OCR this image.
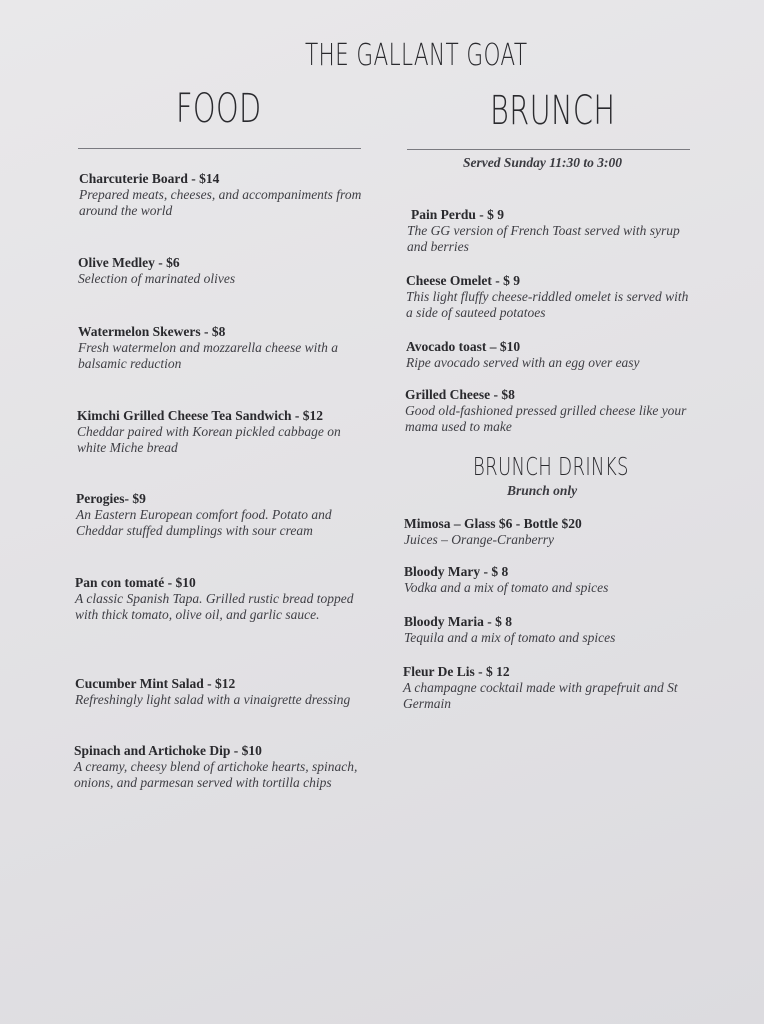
THE GALLANT GOAT
FOOD	BRUNCH
Served Sunday 11:30 to 3:00
Charcuterie Board - $14
Prepared meats, cheeses, and accompaniments from around the world
Olive Medley - $6
Selection of marinated olives
Watermelon Skewers - $8
Fresh watermelon and mozzarella cheese with a balsamic reduction
Kimchi Grilled Cheese Tea Sandwich - $12
Cheddar paired with Korean pickled cabbage on white Miche bread
Perogies- $9
An Eastern European comfort food. Potato and Cheddar stuffed dumplings with sour cream
Pan con tomaté - $10
A classic Spanish Tapa. Grilled rustic bread topped with thick tomato, olive oil, and garlic sauce.
Cucumber Mint Salad - $12
Refreshingly light salad with a vinaigrette dressing
Spinach and Artichoke Dip - $10
A creamy, cheesy blend of artichoke hearts, spinach, onions, and parmesan served with tortilla chips
Pain Perdu - $ 9
The GG version of French Toast served with syrup and berries
Cheese Omelet - $ 9
This light fluffy cheese-riddled omelet is served with a side of sauteed potatoes
Avocado toast – $10
Ripe avocado served with an egg over easy
Grilled Cheese - $8
Good old-fashioned pressed grilled cheese like your mama used to make
BRUNCH DRINKS
Brunch only
Mimosa – Glass $6 - Bottle $20
Juices – Orange-Cranberry
Bloody Mary - $ 8
Vodka and a mix of tomato and spices
Bloody Maria - $ 8
Tequila and a mix of tomato and spices
Fleur De Lis - $ 12
A champagne cocktail made with grapefruit and St Germain
